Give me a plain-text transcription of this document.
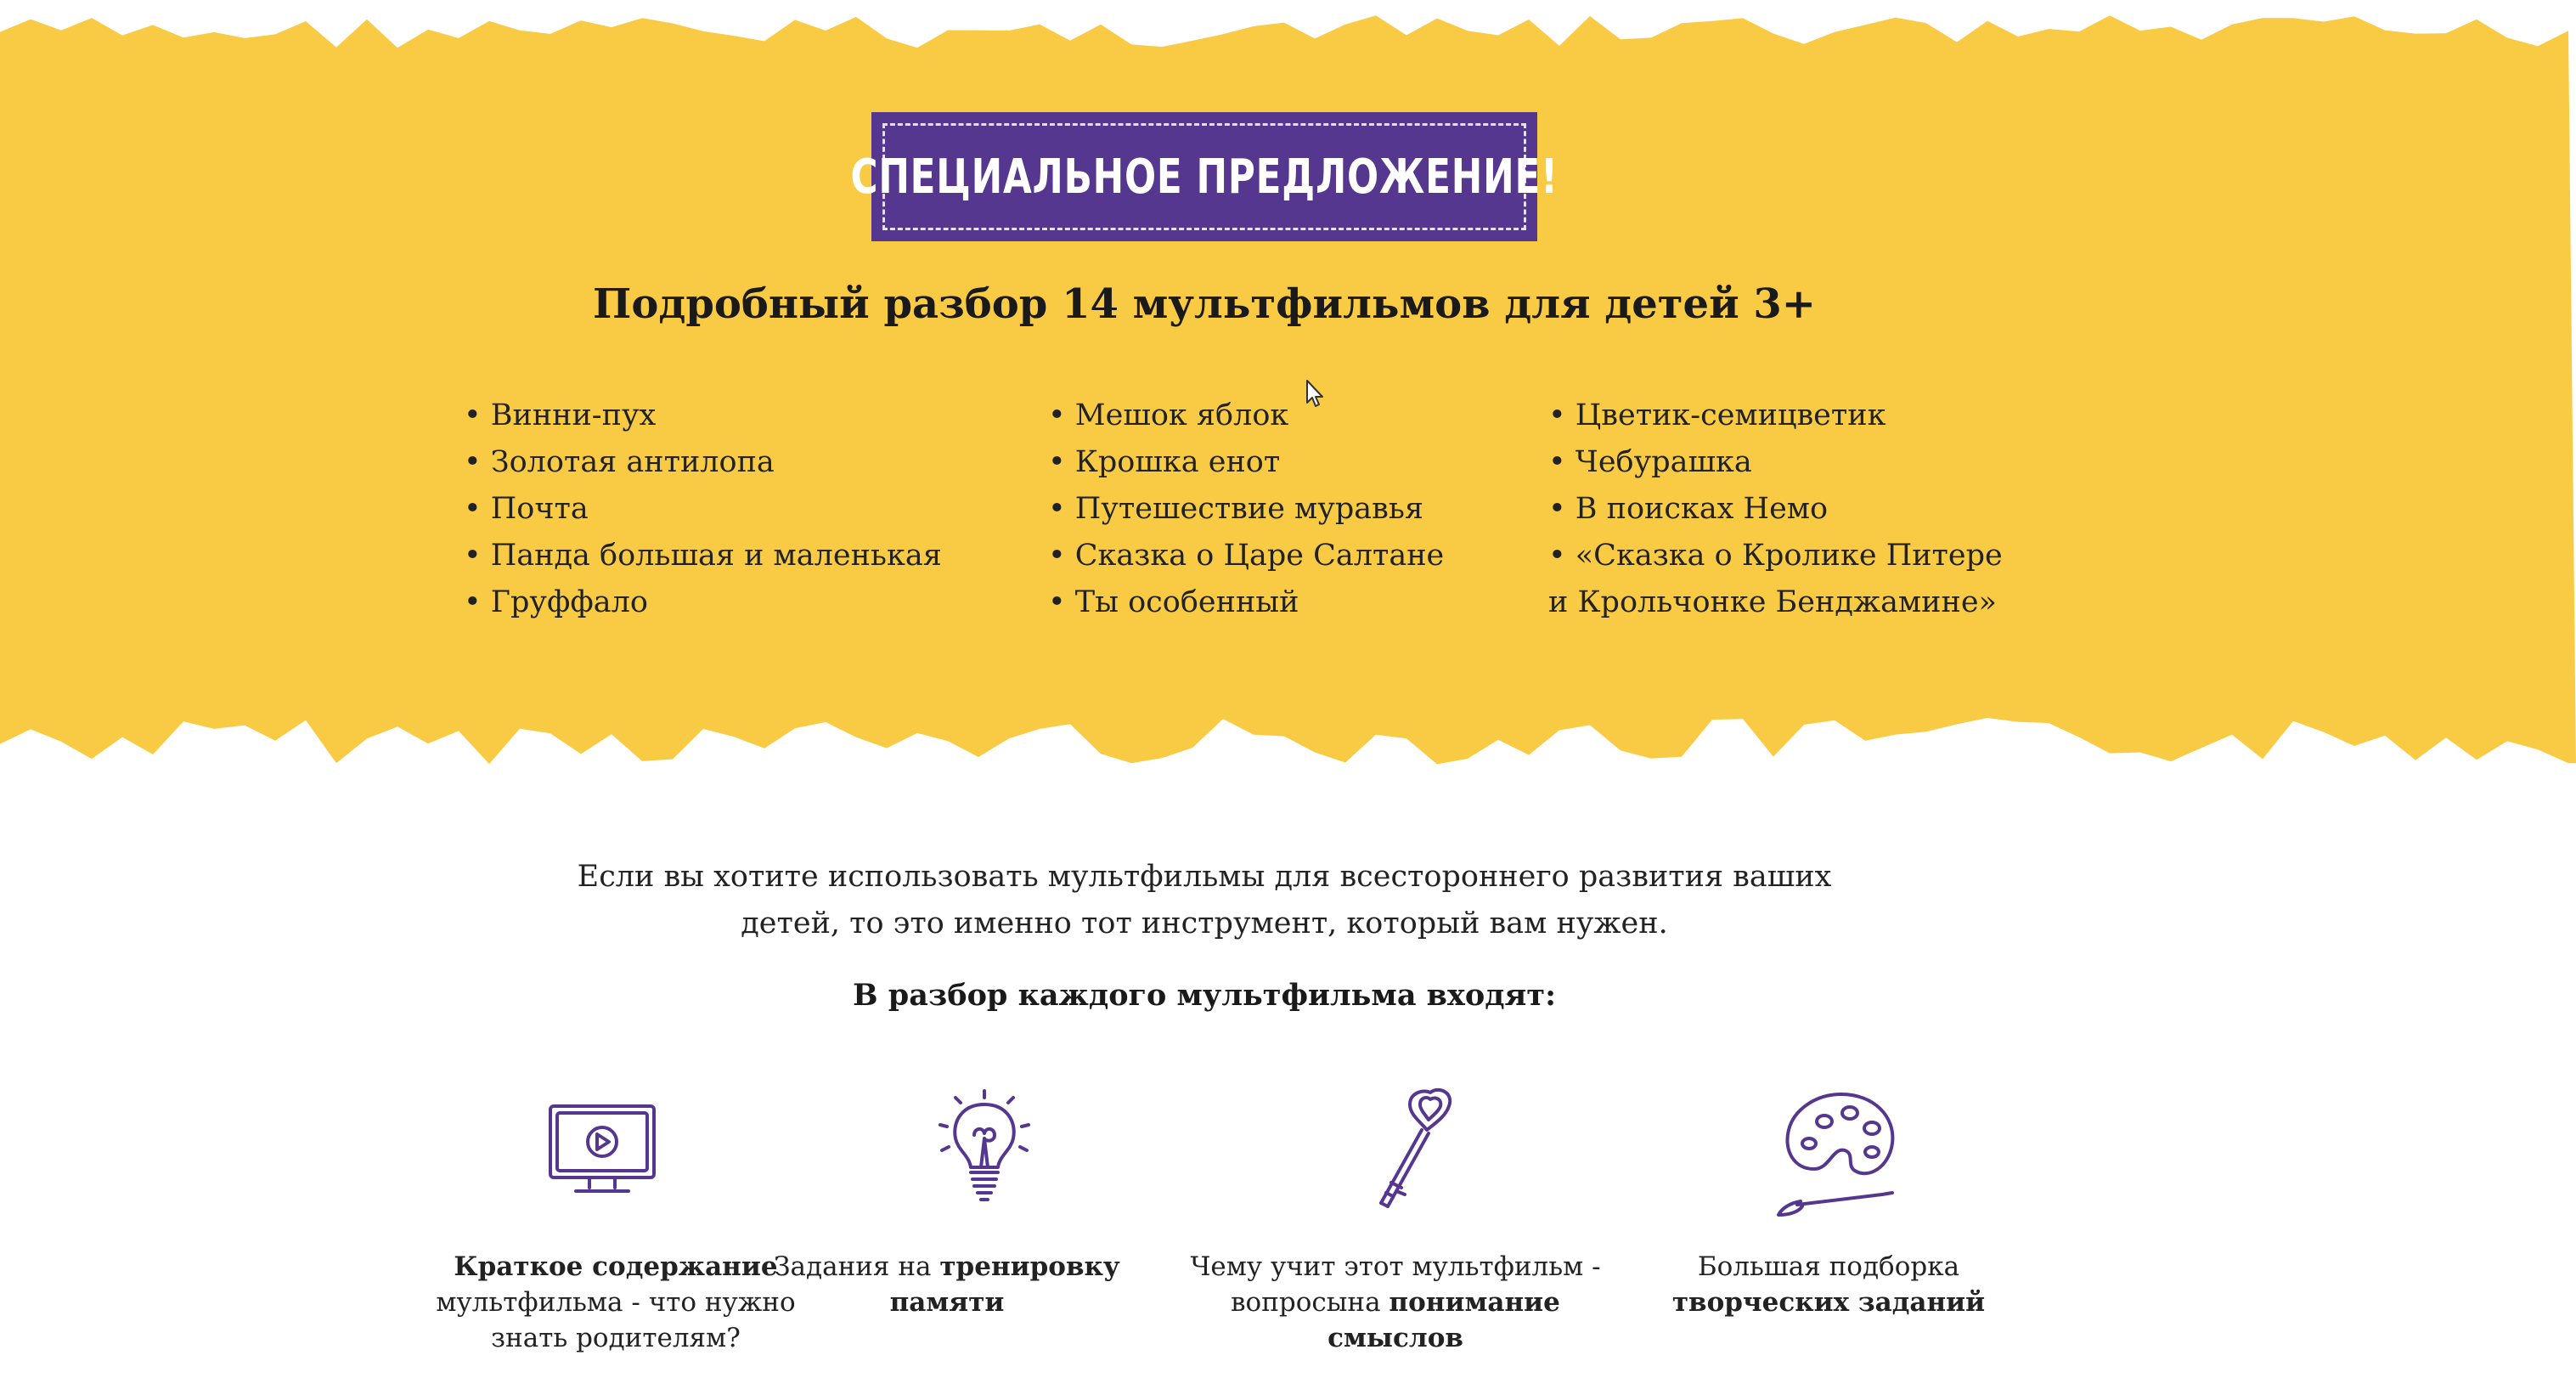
СПЕЦИАЛЬНОЕ ПРЕДЛОЖЕНИЕ!
Подробный разбор 14 мультфильмов для детей 3+
• Винни-пух
• Золотая антилопа
• Почта
• Панда большая и маленькая
• Груффало
• Мешок яблок
• Крошка енот
• Путешествие муравья
• Сказка о Царе Салтане
• Ты особенный
• Цветик-семицветик
• Чебурашка
• В поисках Немо
• «Сказка о Кролике Питере
и Крольчонке Бенджамине»
Если вы хотите использовать мультфильмы для всестороннего развития ваших
детей, то это именно тот инструмент, который вам нужен.
В разбор каждого мультфильма входят:
Краткое содержание мультфильма - что нужно знать родителям?
Задания на тренировку памяти
Чему учит этот мультфильм - вопросына понимание смыслов
Большая подборка творческих заданий
